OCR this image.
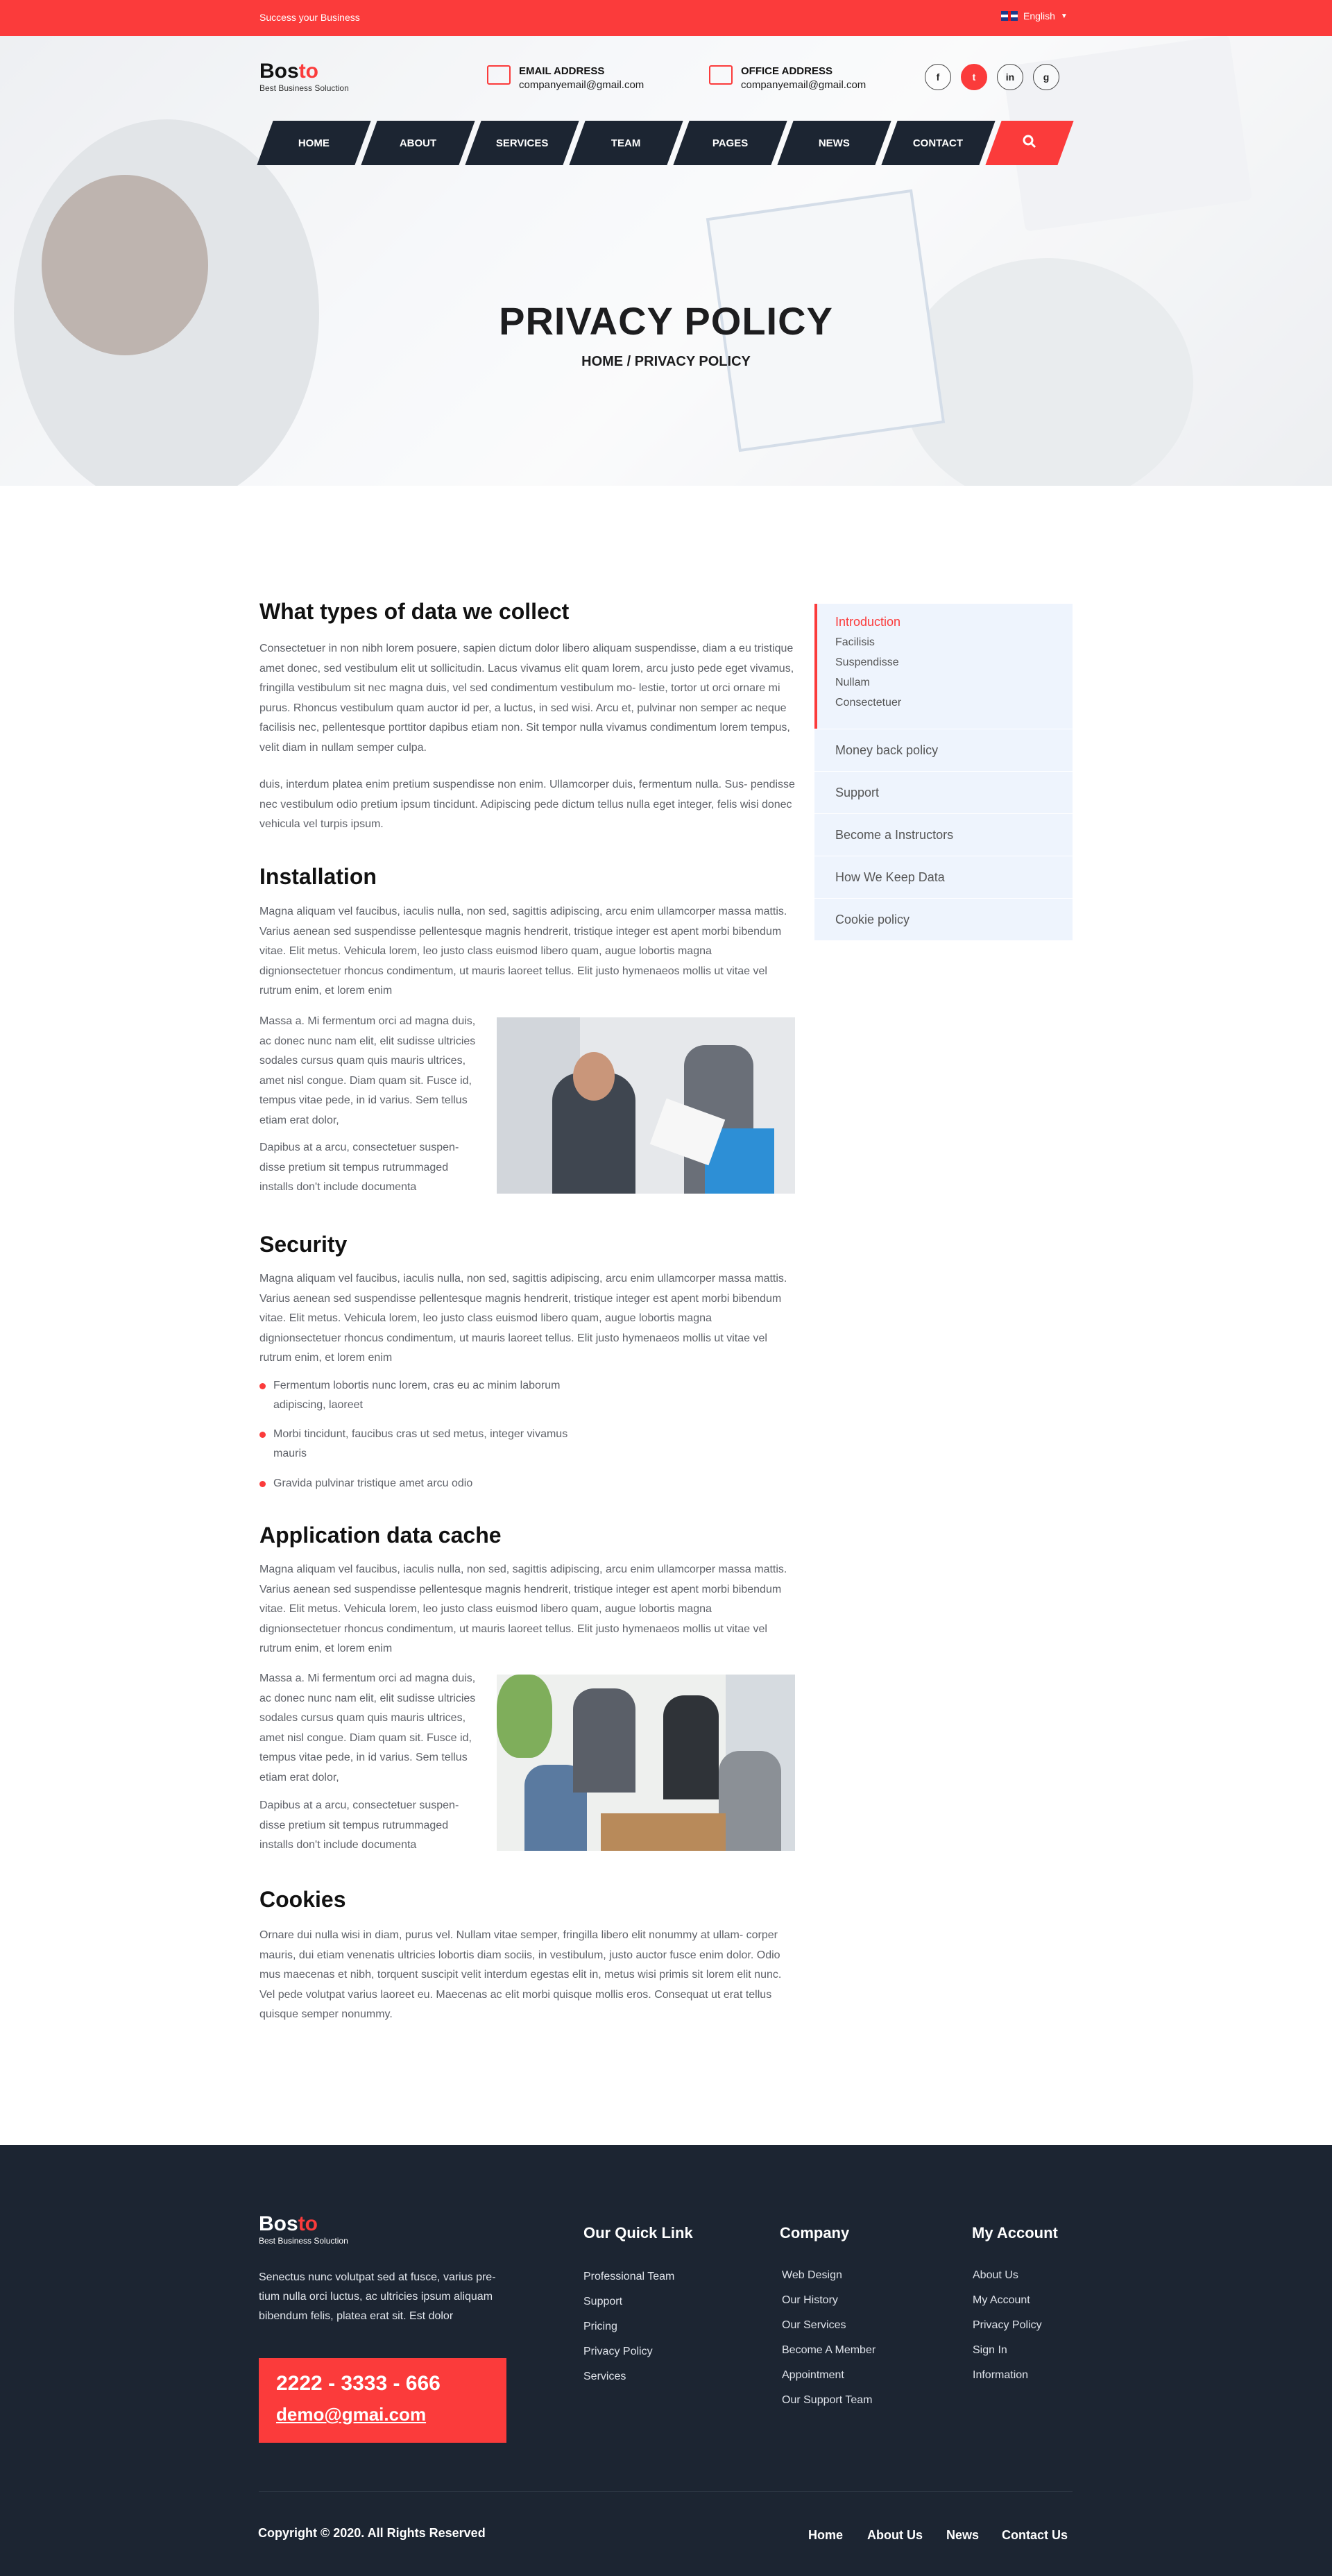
Success your Business	English ▼
Bosto
Best Business Soluction
EMAIL ADDRESS
companyemail@gmail.com
OFFICE ADDRESS
companyemail@gmail.com
f	t	in	g
HOME	ABOUT	SERVICES	TEAM	PAGES	NEWS	CONTACT
PRIVACY POLICY
HOME / PRIVACY POLICY
What types of data we collect
Consectetuer in non nibh lorem posuere, sapien dictum dolor libero aliquam suspendisse, diam a eu tristique amet donec, sed vestibulum elit ut sollicitudin. Lacus vivamus elit quam lorem, arcu justo pede eget vivamus, fringilla vestibulum sit nec magna duis, vel sed condimentum vestibulum mo- lestie, tortor ut orci ornare mi purus. Rhoncus vestibulum quam auctor id per, a luctus, in sed wisi. Arcu et, pulvinar non semper ac neque facilisis nec, pellentesque porttitor dapibus etiam non. Sit tempor nulla vivamus condimentum lorem tempus, velit diam in nullam semper culpa.
duis, interdum platea enim pretium suspendisse non enim. Ullamcorper duis, fermentum nulla. Sus- pendisse nec vestibulum odio pretium ipsum tincidunt. Adipiscing pede dictum tellus nulla eget integer, felis wisi donec vehicula vel turpis ipsum.
Installation
Magna aliquam vel faucibus, iaculis nulla, non sed, sagittis adipiscing, arcu enim ullamcorper massa mattis. Varius aenean sed suspendisse pellentesque magnis hendrerit, tristique integer est apent morbi bibendum vitae. Elit metus. Vehicula lorem, leo justo class euismod libero quam, augue lobortis magna dignionsectetuer rhoncus condimentum, ut mauris laoreet tellus. Elit justo hymenaeos mollis ut vitae vel rutrum enim, et lorem enim
Massa a. Mi fermentum orci ad magna duis, ac donec nunc nam elit, elit sudisse ultricies sodales cursus quam quis mauris ultrices, amet nisl congue. Diam quam sit. Fusce id, tempus vitae pede, in id varius. Sem tellus etiam erat dolor,
Dapibus at a arcu, consectetuer suspen- disse pretium sit tempus rutrummaged installs don't include documenta
Security
Magna aliquam vel faucibus, iaculis nulla, non sed, sagittis adipiscing, arcu enim ullamcorper massa mattis. Varius aenean sed suspendisse pellentesque magnis hendrerit, tristique integer est apent morbi bibendum vitae. Elit metus. Vehicula lorem, leo justo class euismod libero quam, augue lobortis magna dignionsectetuer rhoncus condimentum, ut mauris laoreet tellus. Elit justo hymenaeos mollis ut vitae vel rutrum enim, et lorem enim
Fermentum lobortis nunc lorem, cras eu ac minim laborum adipiscing, laoreet
Morbi tincidunt, faucibus cras ut sed metus, integer vivamus mauris
Gravida pulvinar tristique amet arcu odio
Application data cache
Magna aliquam vel faucibus, iaculis nulla, non sed, sagittis adipiscing, arcu enim ullamcorper massa mattis. Varius aenean sed suspendisse pellentesque magnis hendrerit, tristique integer est apent morbi bibendum vitae. Elit metus. Vehicula lorem, leo justo class euismod libero quam, augue lobortis magna dignionsectetuer rhoncus condimentum, ut mauris laoreet tellus. Elit justo hymenaeos mollis ut vitae vel rutrum enim, et lorem enim
Massa a. Mi fermentum orci ad magna duis, ac donec nunc nam elit, elit sudisse ultricies sodales cursus quam quis mauris ultrices, amet nisl congue. Diam quam sit. Fusce id, tempus vitae pede, in id varius. Sem tellus etiam erat dolor,
Dapibus at a arcu, consectetuer suspen- disse pretium sit tempus rutrummaged installs don't include documenta
Cookies
Ornare dui nulla wisi in diam, purus vel. Nullam vitae semper, fringilla libero elit nonummy at ullam- corper mauris, dui etiam venenatis ultricies lobortis diam sociis, in vestibulum, justo auctor fusce enim dolor. Odio mus maecenas et nibh, torquent suscipit velit interdum egestas elit in, metus wisi primis sit lorem elit nunc. Vel pede volutpat varius laoreet eu. Maecenas ac elit morbi quisque mollis eros. Consequat ut erat tellus quisque semper nonummy.
Introduction
Facilisis
Suspendisse
Nullam
Consectetuer
Money back policy
Support
Become a Instructors
How We Keep Data
Cookie policy
Bosto
Best Business Soluction
Senectus nunc volutpat sed at fusce, varius pre- tium nulla orci luctus, ac ultricies ipsum aliquam bibendum felis, platea erat sit. Est dolor
2222 - 3333 - 666
demo@gmai.com
Our Quick Link
Professional Team
Support
Pricing
Privacy Policy
Services
Company
Web Design
Our History
Our Services
Become A Member
Appointment
Our Support Team
My Account
About Us
My Account
Privacy Policy
Sign In
Information
Copyright © 2020. All Rights Reserved	Home About Us News Contact Us
